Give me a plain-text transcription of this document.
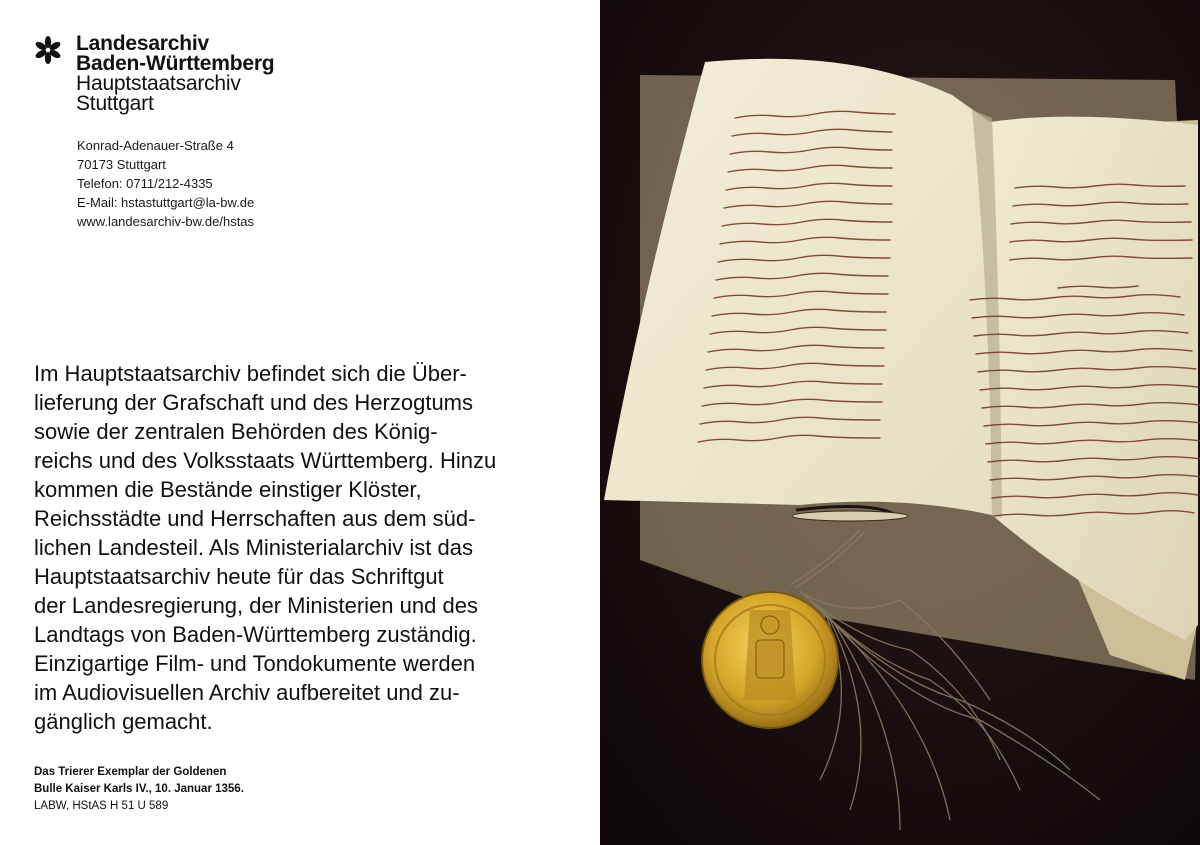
Landesarchiv
Baden-Württemberg
Hauptstaatsarchiv
Stuttgart
Konrad-Adenauer-Straße 4
70173 Stuttgart
Telefon: 0711/212-4335
E-Mail: hstastuttgart@la-bw.de
www.landesarchiv-bw.de/hstas
Im Hauptstaatsarchiv befindet sich die Über-
lieferung der Grafschaft und des Herzogtums
sowie der zentralen Behörden des König-
reichs und des Volksstaats Württemberg. Hinzu
kommen die Bestände einstiger Klöster,
Reichsstädte und Herrschaften aus dem süd-
lichen Landesteil. Als Ministerialarchiv ist das
Hauptstaatsarchiv heute für das Schriftgut
der Landesregierung, der Ministerien und des
Landtags von Baden-Württemberg zuständig.
Einzigartige Film- und Tondokumente werden
im Audiovisuellen Archiv aufbereitet und zu-
gänglich gemacht.
Das Trierer Exemplar der Goldenen
Bulle Kaiser Karls IV., 10. Januar 1356.
LABW, HStAS H 51 U 589
